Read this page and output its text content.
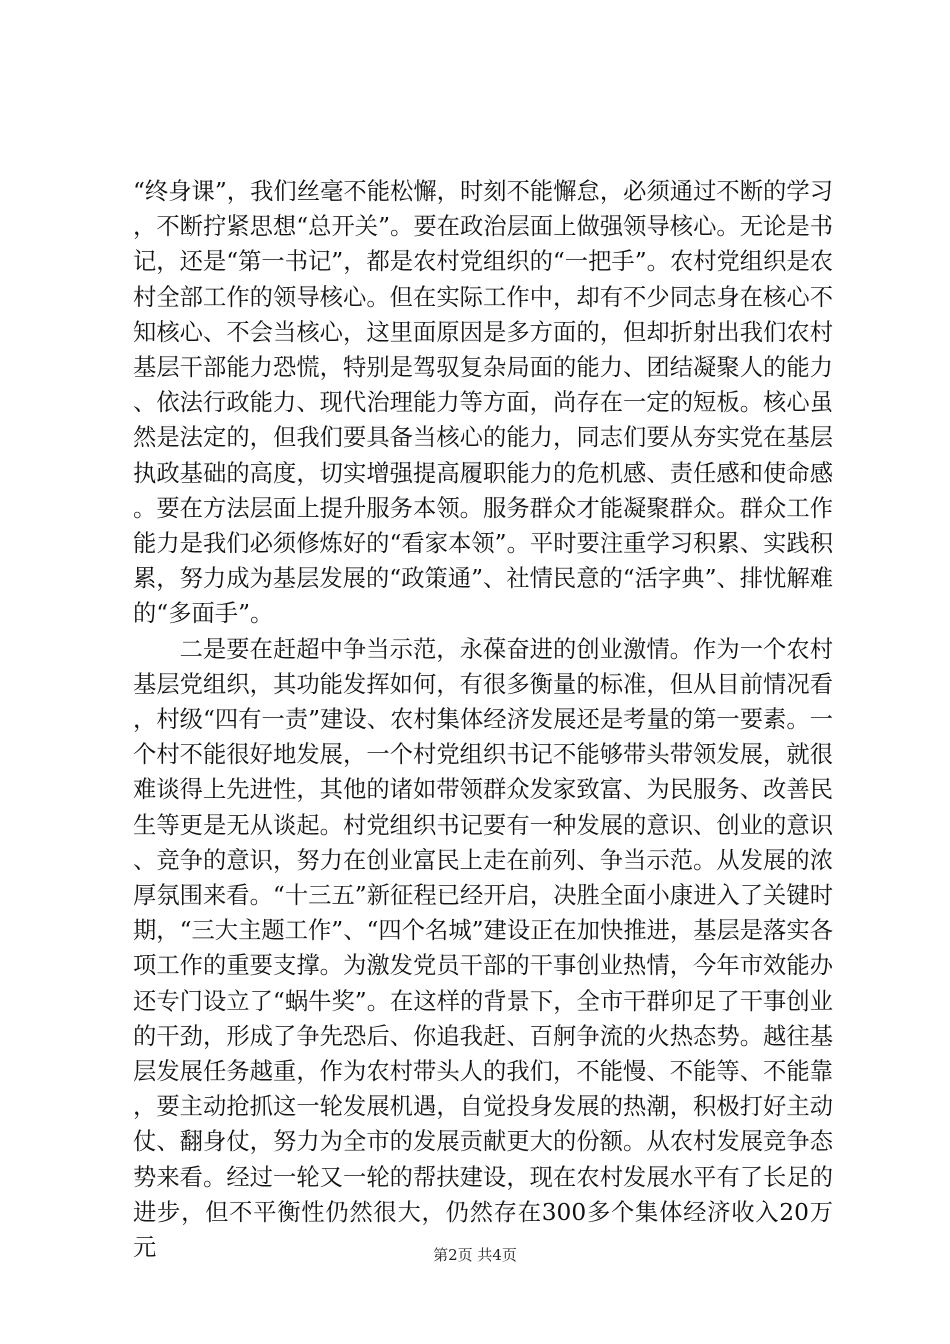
“终身课”，我们丝毫不能松懈，时刻不能懈怠，必须通过不断的学习，不断拧紧思想“总开关”。要在政治层面上做强领导核心。无论是书记，还是“第一书记”，都是农村党组织的“一把手”。农村党组织是农村全部工作的领导核心。但在实际工作中，却有不少同志身在核心不知核心、不会当核心，这里面原因是多方面的，但却折射出我们农村基层干部能力恐慌，特别是驾驭复杂局面的能力、团结凝聚人的能力、依法行政能力、现代治理能力等方面，尚存在一定的短板。核心虽然是法定的，但我们要具备当核心的能力，同志们要从夯实党在基层执政基础的高度，切实增强提高履职能力的危机感、责任感和使命感。要在方法层面上提升服务本领。服务群众才能凝聚群众。群众工作能力是我们必须修炼好的“看家本领”。平时要注重学习积累、实践积累，努力成为基层发展的“政策通”、社情民意的“活字典”、排忧解难的“多面手”。

二是要在赶超中争当示范，永葆奋进的创业激情。作为一个农村基层党组织，其功能发挥如何，有很多衡量的标准，但从目前情况看，村级“四有一责”建设、农村集体经济发展还是考量的第一要素。一个村不能很好地发展，一个村党组织书记不能够带头带领发展，就很难谈得上先进性，其他的诸如带领群众发家致富、为民服务、改善民生等更是无从谈起。村党组织书记要有一种发展的意识、创业的意识、竞争的意识，努力在创业富民上走在前列、争当示范。从发展的浓厚氛围来看。“十三五”新征程已经开启，决胜全面小康进入了关键时期，“三大主题工作”、“四个名城”建设正在加快推进，基层是落实各项工作的重要支撑。为激发党员干部的干事创业热情，今年市效能办还专门设立了“蜗牛奖”。在这样的背景下，全市干群卯足了干事创业的干劲，形成了争先恐后、你追我赶、百舸争流的火热态势。越往基层发展任务越重，作为农村带头人的我们，不能慢、不能等、不能靠，要主动抢抓这一轮发展机遇，自觉投身发展的热潮，积极打好主动仗、翻身仗，努力为全市的发展贡献更大的份额。从农村发展竞争态势来看。经过一轮又一轮的帮扶建设，现在农村发展水平有了长足的进步，但不平衡性仍然很大，仍然存在300多个集体经济收入20万元	第2页 共4页
